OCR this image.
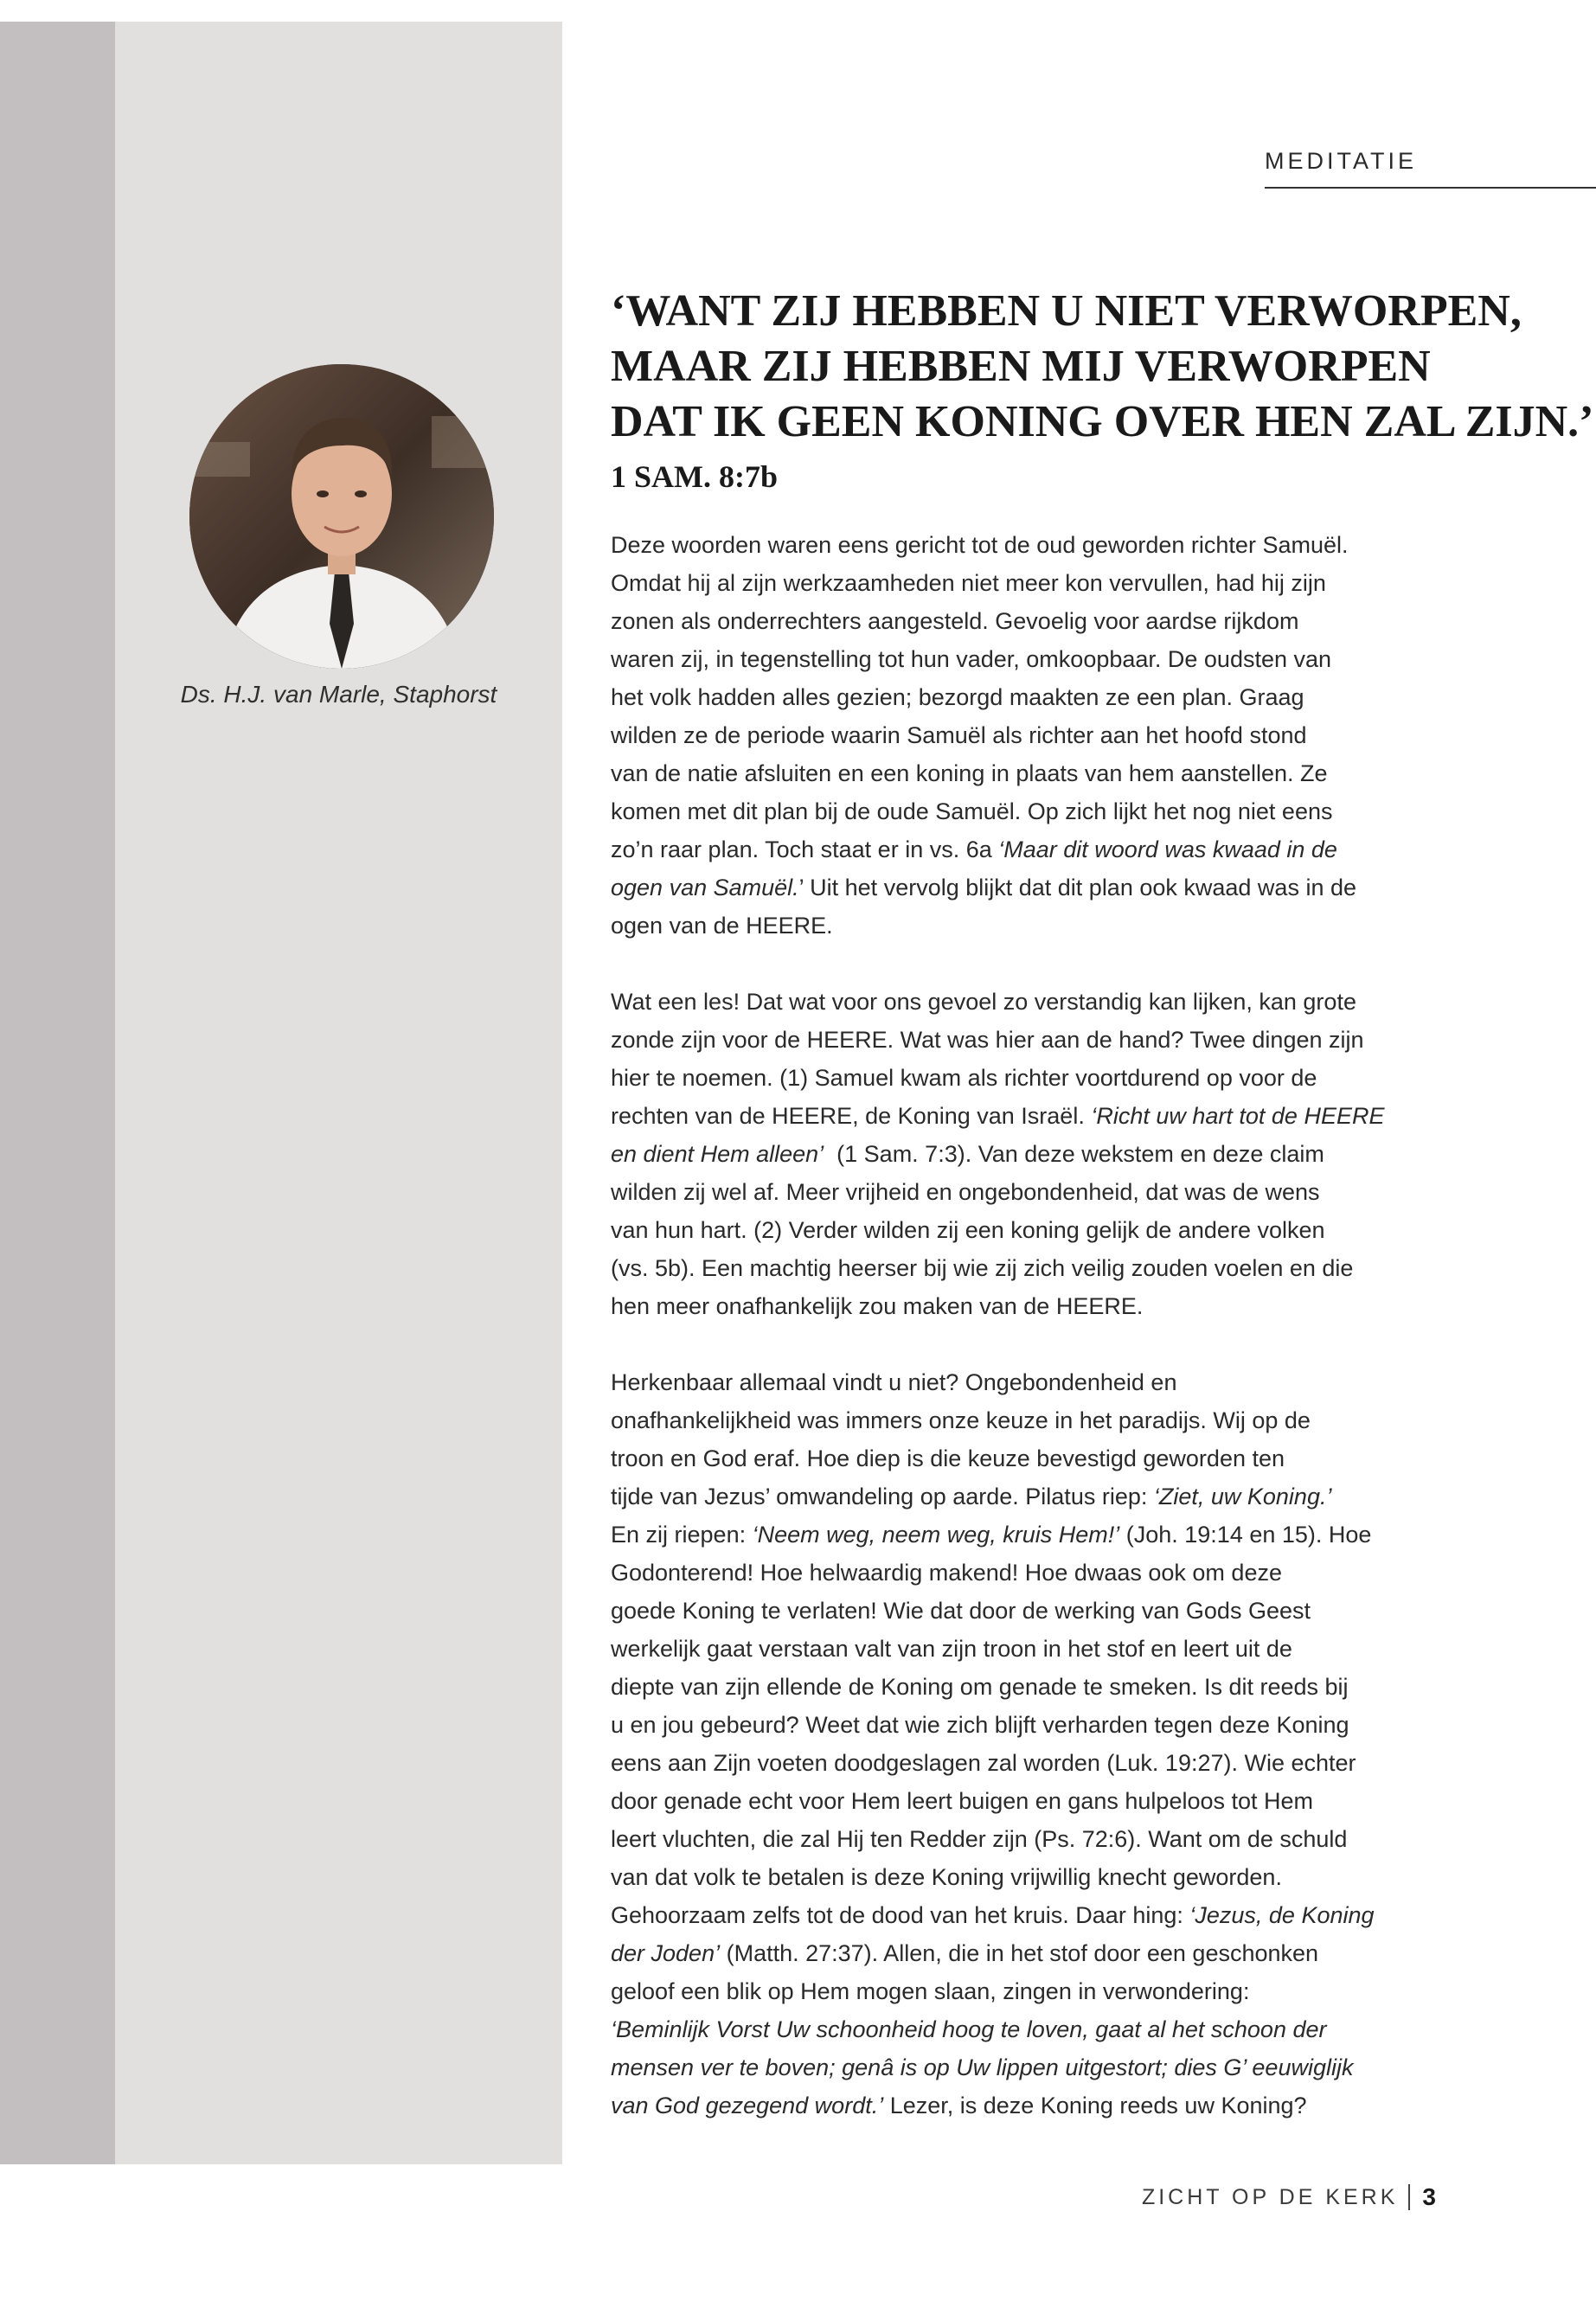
MEDITATIE
Ds. H.J. van Marle, Staphorst
‘WANT ZIJ HEBBEN U NIET VERWORPEN,
MAAR ZIJ HEBBEN MIJ VERWORPEN
DAT IK GEEN KONING OVER HEN ZAL ZIJN.’
1 SAM. 8:7b

Deze woorden waren eens gericht tot de oud geworden richter Samuël.
Omdat hij al zijn werkzaamheden niet meer kon vervullen, had hij zijn
zonen als onderrechters aangesteld. Gevoelig voor aardse rijkdom
waren zij, in tegenstelling tot hun vader, omkoopbaar. De oudsten van
het volk hadden alles gezien; bezorgd maakten ze een plan. Graag
wilden ze de periode waarin Samuël als richter aan het hoofd stond
van de natie afsluiten en een koning in plaats van hem aanstellen. Ze
komen met dit plan bij de oude Samuël. Op zich lijkt het nog niet eens
zo’n raar plan. Toch staat er in vs. 6a ‘Maar dit woord was kwaad in de
ogen van Samuël.’ Uit het vervolg blijkt dat dit plan ook kwaad was in de
ogen van de HEERE.

Wat een les! Dat wat voor ons gevoel zo verstandig kan lijken, kan grote
zonde zijn voor de HEERE. Wat was hier aan de hand? Twee dingen zijn
hier te noemen. (1) Samuel kwam als richter voortdurend op voor de
rechten van de HEERE, de Koning van Israël. ‘Richt uw hart tot de HEERE
en dient Hem alleen’  (1 Sam. 7:3). Van deze wekstem en deze claim
wilden zij wel af. Meer vrijheid en ongebondenheid, dat was de wens
van hun hart. (2) Verder wilden zij een koning gelijk de andere volken
(vs. 5b). Een machtig heerser bij wie zij zich veilig zouden voelen en die
hen meer onafhankelijk zou maken van de HEERE.

Herkenbaar allemaal vindt u niet? Ongebondenheid en
onafhankelijkheid was immers onze keuze in het paradijs. Wij op de
troon en God eraf. Hoe diep is die keuze bevestigd geworden ten
tijde van Jezus’ omwandeling op aarde. Pilatus riep: ‘Ziet, uw Koning.’
En zij riepen: ‘Neem weg, neem weg, kruis Hem!’ (Joh. 19:14 en 15). Hoe
Godonterend! Hoe helwaardig makend! Hoe dwaas ook om deze
goede Koning te verlaten! Wie dat door de werking van Gods Geest
werkelijk gaat verstaan valt van zijn troon in het stof en leert uit de
diepte van zijn ellende de Koning om genade te smeken. Is dit reeds bij
u en jou gebeurd? Weet dat wie zich blijft verharden tegen deze Koning
eens aan Zijn voeten doodgeslagen zal worden (Luk. 19:27). Wie echter
door genade echt voor Hem leert buigen en gans hulpeloos tot Hem
leert vluchten, die zal Hij ten Redder zijn (Ps. 72:6). Want om de schuld
van dat volk te betalen is deze Koning vrijwillig knecht geworden.
Gehoorzaam zelfs tot de dood van het kruis. Daar hing: ‘Jezus, de Koning
der Joden’ (Matth. 27:37). Allen, die in het stof door een geschonken
geloof een blik op Hem mogen slaan, zingen in verwondering:
‘Beminlijk Vorst Uw schoonheid hoog te loven, gaat al het schoon der
mensen ver te boven; genâ is op Uw lippen uitgestort; dies G’ eeuwiglijk
van God gezegend wordt.’ Lezer, is deze Koning reeds uw Koning?

ZICHT OP DE KERK 3
